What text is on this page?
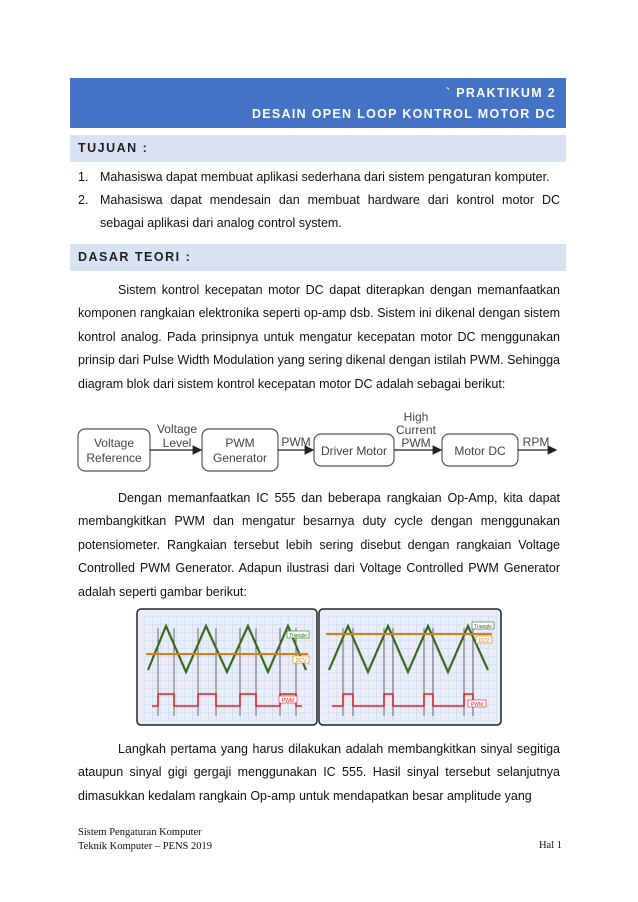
` PRAKTIKUM 2
DESAIN OPEN LOOP KONTROL MOTOR DC
TUJUAN :
1. Mahasiswa dapat membuat aplikasi sederhana dari sistem pengaturan komputer.
2. Mahasiswa dapat mendesain dan membuat hardware dari kontrol motor DC sebagai aplikasi dari analog control system.
DASAR TEORI :
Sistem kontrol kecepatan motor DC dapat diterapkan dengan memanfaatkan komponen rangkaian elektronika seperti op-amp dsb. Sistem ini dikenal dengan sistem kontrol analog. Pada prinsipnya untuk mengatur kecepatan motor DC menggunakan prinsip dari Pulse Width Modulation yang sering dikenal dengan istilah PWM. Sehingga diagram blok dari sistem kontrol kecepatan motor DC adalah sebagai berikut:
Voltage
Reference
Voltage
Level	PWM
Generator
PWM
Driver Motor
High
Current
PWM
Motor DC
RPM
Dengan memanfaatkan IC 555 dan beberapa rangkaian Op-Amp, kita dapat membangkitkan PWM dan mengatur besarnya duty cycle dengan menggunakan potensiometer. Rangkaian tersebut lebih sering disebut dengan rangkaian Voltage Controlled PWM Generator. Adapun ilustrasi dari Voltage Controlled PWM Generator adalah seperti gambar berikut:
Triangle
DCV
PWM
Triangle
DCV
PWM
Langkah pertama yang harus dilakukan adalah membangkitkan sinyal segitiga ataupun sinyal gigi gergaji menggunakan IC 555. Hasil sinyal tersebut selanjutnya dimasukkan kedalam rangkain Op-amp untuk mendapatkan besar amplitude yang
Sistem Pengaturan Komputer
Teknik Komputer – PENS 2019	Hal 1
